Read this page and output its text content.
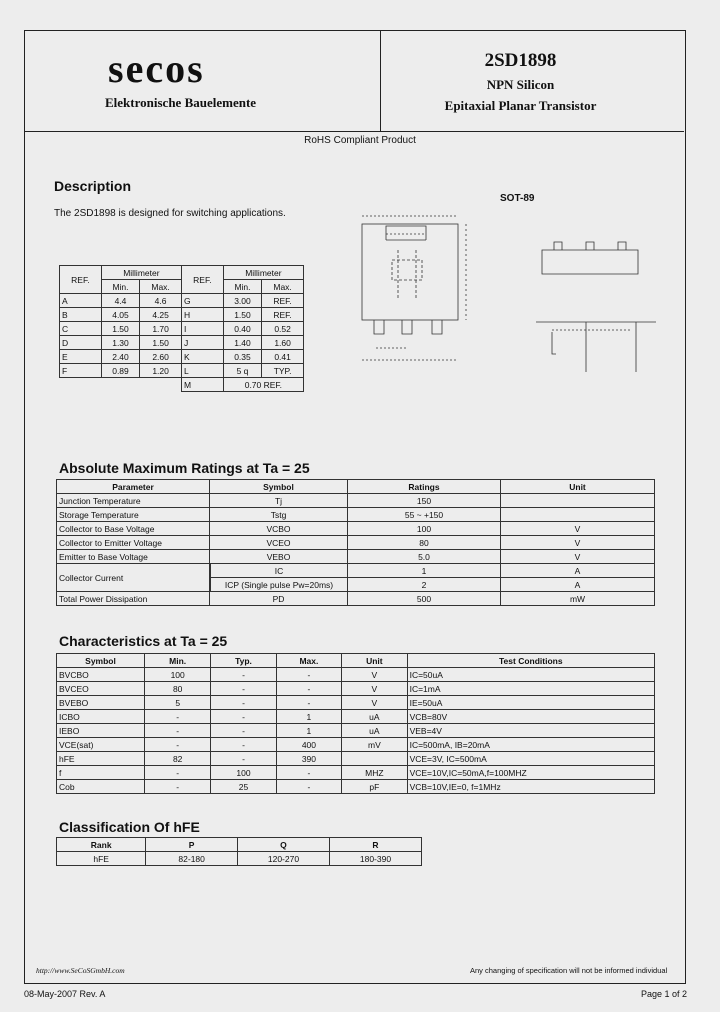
secos
Elektronische Bauelemente
2SD1898
NPN Silicon
Epitaxial Planar Transistor
RoHS Compliant Product
Description
The 2SD1898 is designed for switching applications.
SOT-89
REF.	Millimeter		REF.	Millimeter	
	Min.	Max.		Min.	Max.
A	4.4	4.6	G	3.00	REF.
B	4.05	4.25	H	1.50	REF.
C	1.50	1.70	I	0.40	0.52
D	1.30	1.50	J	1.40	1.60
E	2.40	2.60	K	0.35	0.41
F	0.89	1.20	L	5 q	TYP.
			M	0.70 REF.	
Absolute Maximum Ratings at Ta = 25
Parameter	Symbol	Ratings	Unit
Junction Temperature	Tj	150	
Storage Temperature	Tstg	55 ~ +150	
Collector to Base Voltage	VCBO	100	V
Collector to Emitter Voltage	VCEO	80	V
Emitter to Base Voltage	VEBO	5.0	V
Collector Current		IC	1	A
	ICP (Single pulse Pw=20ms)	2	A
Total Power Dissipation	PD	500	mW
Characteristics at Ta = 25
Symbol	Min.	Typ.	Max.	Unit	Test Conditions
BVCBO	100	-	-	V	IC=50uA
BVCEO	80	-	-	V	IC=1mA
BVEBO	5	-	-	V	IE=50uA
ICBO	-	-	1	uA	VCB=80V
IEBO	-	-	1	uA	VEB=4V
VCE(sat)	-	-	400	mV	IC=500mA, IB=20mA
hFE	82	-	390		VCE=3V, IC=500mA
f	-	100	-	MHZ	VCE=10V,IC=50mA,f=100MHZ
Cob	-	25	-	pF	VCB=10V,IE=0, f=1MHz
Classification Of hFE
Rank	P	Q	R
hFE	82-180	120-270	180-390
http://www.SeCoSGmbH.com	Any changing of specification will not be informed individual
08-May-2007 Rev. A	Page 1 of 2
